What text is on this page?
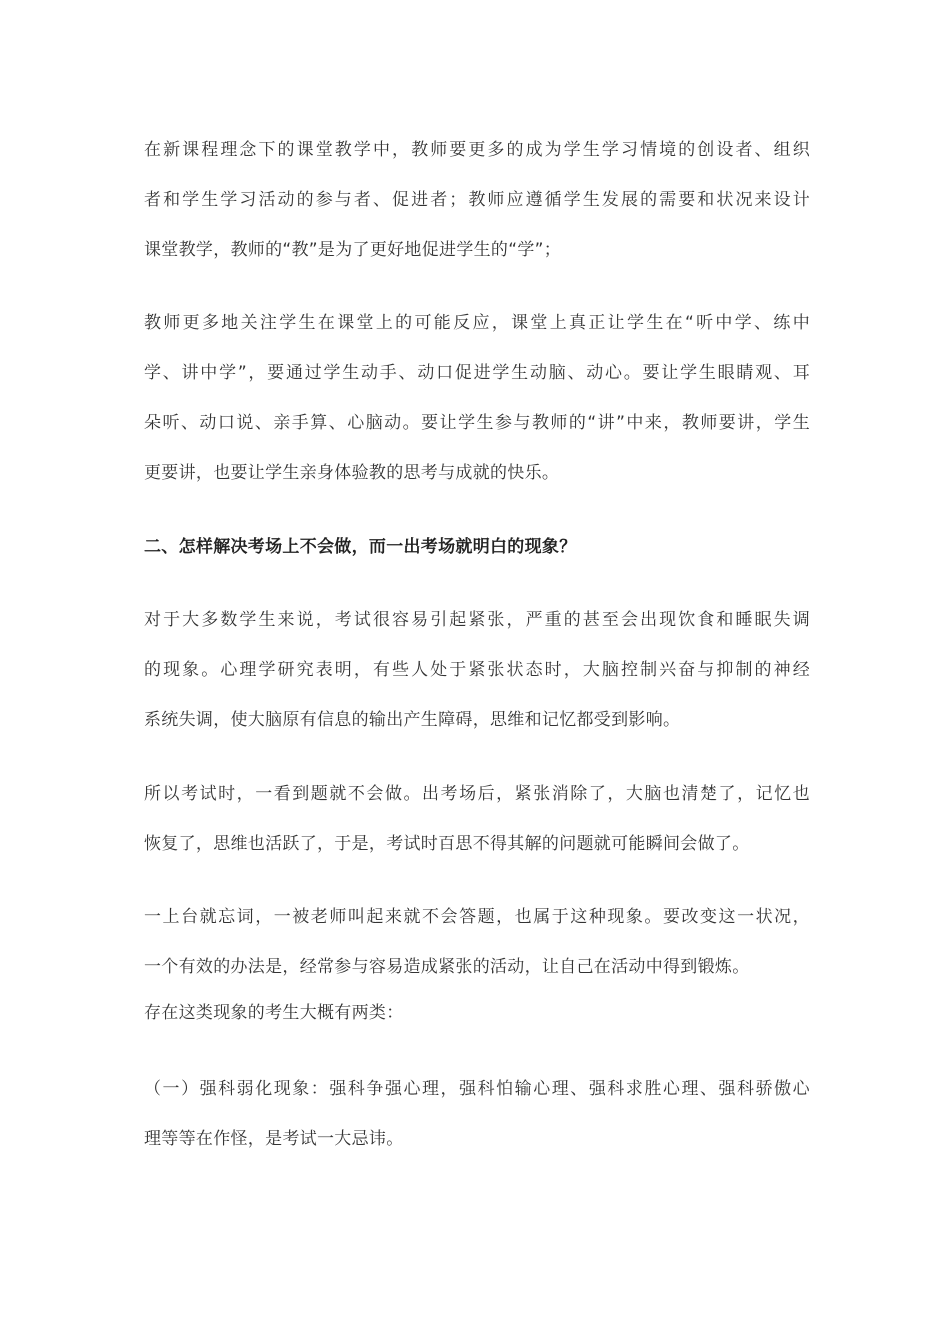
在新课程理念下的课堂教学中，教师要更多的成为学生学习情境的创设者、组织
者和学生学习活动的参与者、促进者；教师应遵循学生发展的需要和状况来设计
课堂教学，教师的“教”是为了更好地促进学生的“学”；
教师更多地关注学生在课堂上的可能反应，课堂上真正让学生在“听中学、练中
学、讲中学”，要通过学生动手、动口促进学生动脑、动心。要让学生眼睛观、耳
朵听、动口说、亲手算、心脑动。要让学生参与教师的“讲”中来，教师要讲，学生
更要讲，也要让学生亲身体验教的思考与成就的快乐。
二、怎样解决考场上不会做，而一出考场就明白的现象？
对于大多数学生来说，考试很容易引起紧张，严重的甚至会出现饮食和睡眠失调
的现象。心理学研究表明，有些人处于紧张状态时，大脑控制兴奋与抑制的神经
系统失调，使大脑原有信息的输出产生障碍，思维和记忆都受到影响。
所以考试时，一看到题就不会做。出考场后，紧张消除了，大脑也清楚了，记忆也
恢复了，思维也活跃了，于是，考试时百思不得其解的问题就可能瞬间会做了。
一上台就忘词，一被老师叫起来就不会答题，也属于这种现象。要改变这一状况，
一个有效的办法是，经常参与容易造成紧张的活动，让自己在活动中得到锻炼。
存在这类现象的考生大概有两类：
（一）强科弱化现象：强科争强心理，强科怕输心理、强科求胜心理、强科骄傲心
理等等在作怪，是考试一大忌讳。
